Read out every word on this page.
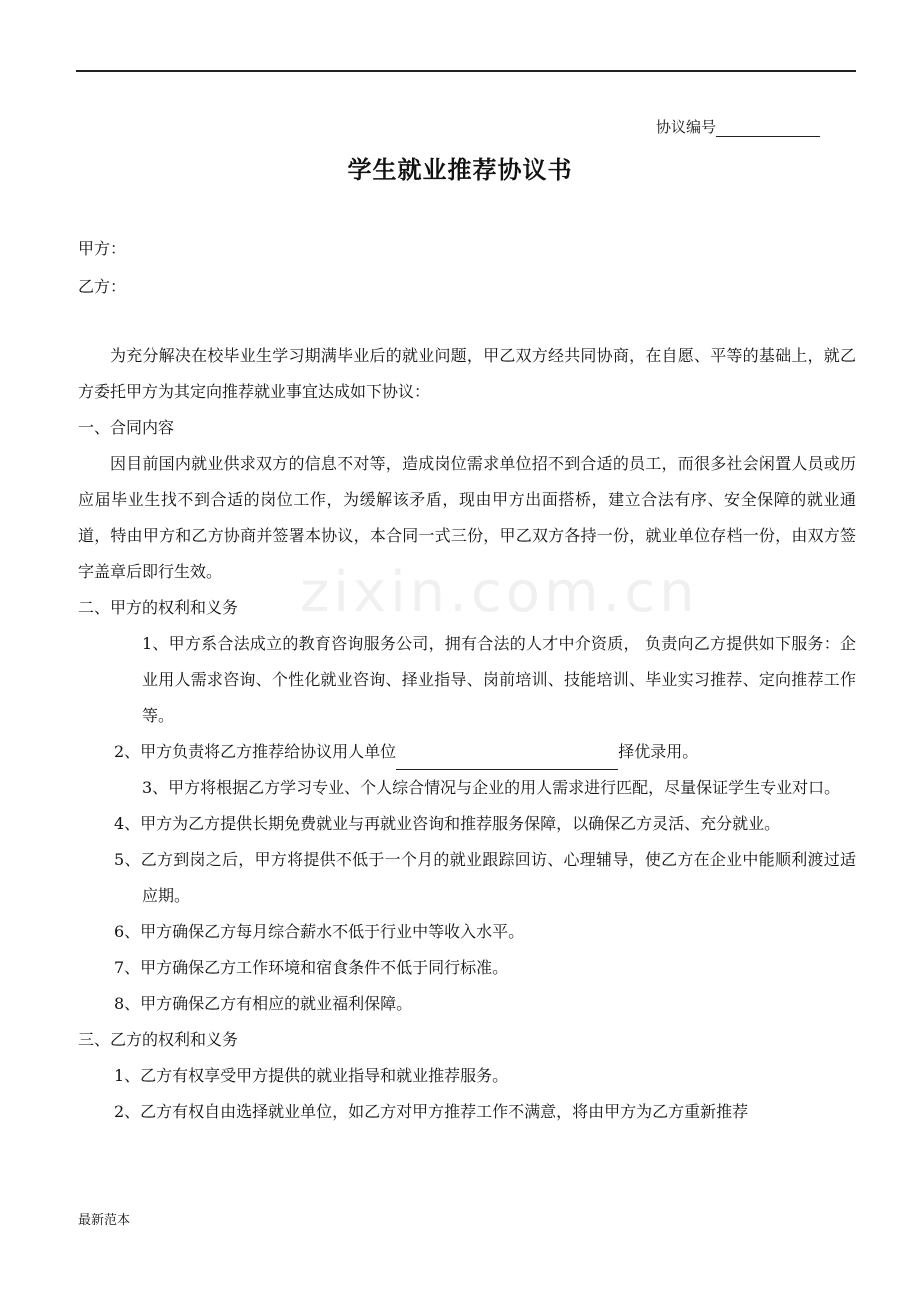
协议编号
学生就业推荐协议书
甲方：
乙方：
zixin.com.cn

为充分解决在校毕业生学习期满毕业后的就业问题，甲乙双方经共同协商，在自愿、平等的基础上，就乙方委托甲方为其定向推荐就业事宜达成如下协议：

一、合同内容

因目前国内就业供求双方的信息不对等，造成岗位需求单位招不到合适的员工，而很多社会闲置人员或历应届毕业生找不到合适的岗位工作，为缓解该矛盾，现由甲方出面搭桥，建立合法有序、安全保障的就业通道，特由甲方和乙方协商并签署本协议，本合同一式三份，甲乙双方各持一份，就业单位存档一份，由双方签字盖章后即行生效。

二、甲方的权利和义务

1、甲方系合法成立的教育咨询服务公司，拥有合法的人才中介资质， 负责向乙方提供如下服务：企业用人需求咨询、个性化就业咨询、择业指导、岗前培训、技能培训、毕业实习推荐、定向推荐工作等。

2、甲方负责将乙方推荐给协议用人单位	择优录用。

3、甲方将根据乙方学习专业、个人综合情况与企业的用人需求进行匹配，尽量保证学生专业对口。

4、甲方为乙方提供长期免费就业与再就业咨询和推荐服务保障，以确保乙方灵活、充分就业。

5、乙方到岗之后，甲方将提供不低于一个月的就业跟踪回访、心理辅导，使乙方在企业中能顺利渡过适应期。

6、甲方确保乙方每月综合薪水不低于行业中等收入水平。

7、甲方确保乙方工作环境和宿食条件不低于同行标准。

8、甲方确保乙方有相应的就业福利保障。

三、乙方的权利和义务

1、乙方有权享受甲方提供的就业指导和就业推荐服务。

2、乙方有权自由选择就业单位，如乙方对甲方推荐工作不满意，将由甲方为乙方重新推荐

最新范本
